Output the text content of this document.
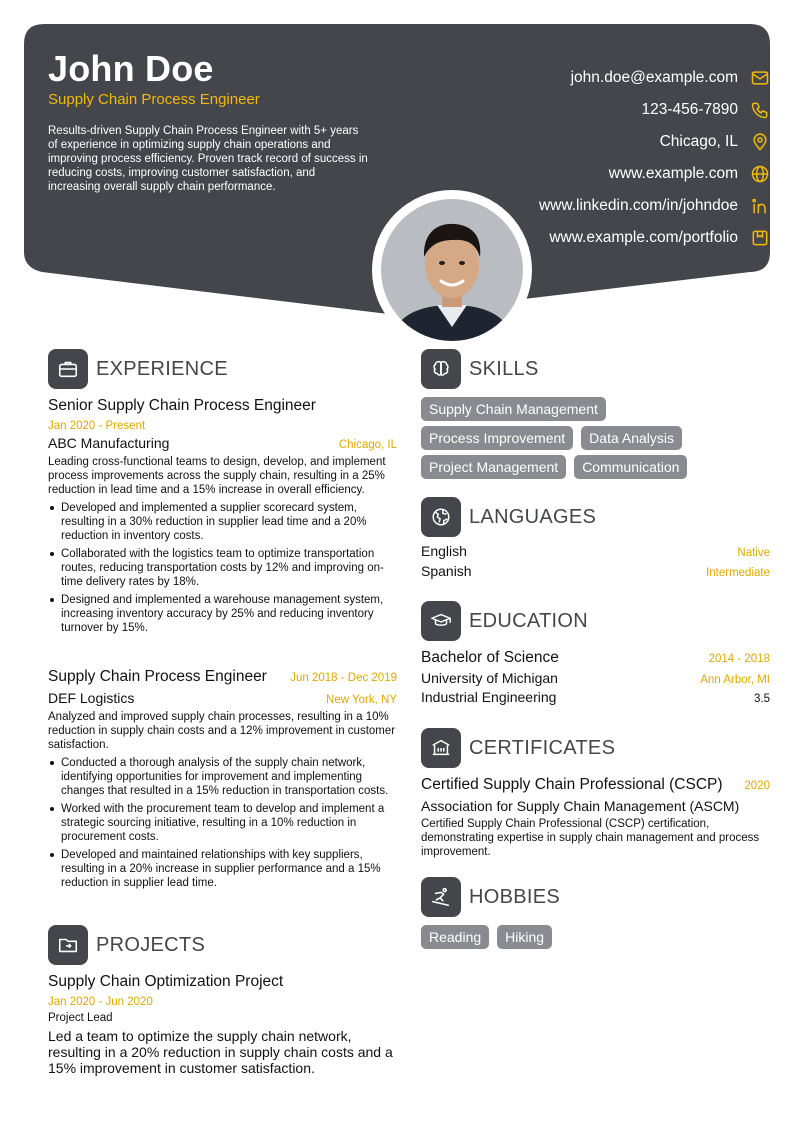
John Doe
Supply Chain Process Engineer
Results-driven Supply Chain Process Engineer with 5+ years of experience in optimizing supply chain operations and improving process efficiency. Proven track record of success in reducing costs, improving customer satisfaction, and increasing overall supply chain performance.
john.doe@example.com
123-456-7890
Chicago, IL
www.example.com
www.linkedin.com/in/johndoe
www.example.com/portfolio
EXPERIENCE
Senior Supply Chain Process Engineer
Jan 2020 - Present
ABC Manufacturing	Chicago, IL
Leading cross-functional teams to design, develop, and implement process improvements across the supply chain, resulting in a 25% reduction in lead time and a 15% increase in overall efficiency.
Developed and implemented a supplier scorecard system, resulting in a 30% reduction in supplier lead time and a 20% reduction in inventory costs.
Collaborated with the logistics team to optimize transportation routes, reducing transportation costs by 12% and improving on-time delivery rates by 18%.
Designed and implemented a warehouse management system, increasing inventory accuracy by 25% and reducing inventory turnover by 15%.
Supply Chain Process Engineer Jun 2018 - Dec 2019
DEF Logistics	New York, NY
Analyzed and improved supply chain processes, resulting in a 10% reduction in supply chain costs and a 12% improvement in customer satisfaction.
Conducted a thorough analysis of the supply chain network, identifying opportunities for improvement and implementing changes that resulted in a 15% reduction in transportation costs.
Worked with the procurement team to develop and implement a strategic sourcing initiative, resulting in a 10% reduction in procurement costs.
Developed and maintained relationships with key suppliers, resulting in a 20% increase in supplier performance and a 15% reduction in supplier lead time.
PROJECTS
Supply Chain Optimization Project
Jan 2020 - Jun 2020
Project Lead
Led a team to optimize the supply chain network, resulting in a 20% reduction in supply chain costs and a 15% improvement in customer satisfaction.
SKILLS
Supply Chain Management
Process Improvement	Data Analysis
Project Management	Communication
LANGUAGES
English	Native
Spanish	Intermediate
EDUCATION
Bachelor of Science	2014 - 2018
University of Michigan	Ann Arbor, MI
Industrial Engineering	3.5
CERTIFICATES
Certified Supply Chain Professional (CSCP) 2020
Association for Supply Chain Management (ASCM)
Certified Supply Chain Professional (CSCP) certification, demonstrating expertise in supply chain management and process improvement.
HOBBIES
Reading	Hiking
